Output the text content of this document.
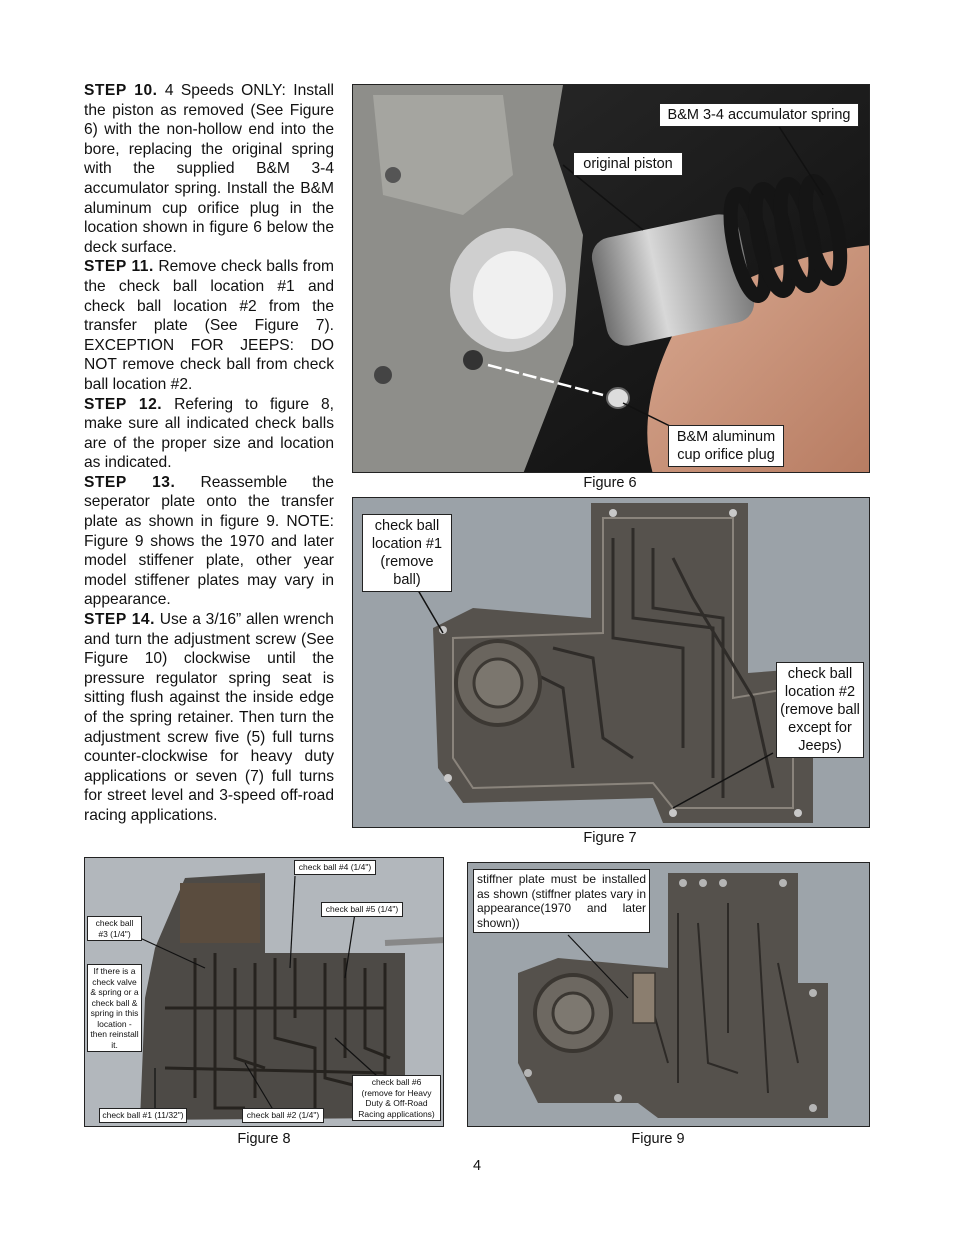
STEP 10. 4 Speeds ONLY: Install the piston as removed (See Figure 6) with the non-hollow end into the bore, replacing the original spring with the supplied B&M 3-4 accumulator spring. Install the B&M aluminum cup orifice plug in the location shown in figure 6 below the deck surface.

STEP 11. Remove check balls from the check ball location #1 and check ball location #2 from the transfer plate (See Figure 7). EXCEPTION FOR JEEPS: DO NOT remove check ball from check ball location #2.

STEP 12. Refering to figure 8, make sure all indicated check balls are of the proper size and location as indicated.

STEP 13. Reassemble the seperator plate onto the transfer plate as shown in figure 9. NOTE: Figure 9 shows the 1970 and later model stiffener plate, other year model stiffener plates may vary in appearance.

STEP 14. Use a 3/16” allen wrench and turn the adjustment screw (See Figure 10) clockwise until the pressure regulator spring seat is sitting flush against the inside edge of the spring retainer. Then turn the adjustment screw five (5) full turns counter-clockwise for heavy duty applications or seven (7) full turns for street level and 3-speed off-road racing applications.

B&M 3-4 accumulator spring
original piston
B&M aluminum cup orifice plug
Figure 6
check ball location #1 (remove ball)
check ball location #2 (remove ball except for Jeeps)
Figure 7
check ball #4 (1/4")
check ball #5 (1/4")
check ball #3 (1/4")
If there is a check valve & spring or a check ball & spring in this location - then reinstall it.
check ball #6 (remove for Heavy Duty & Off-Road Racing applications)
check ball #1 (11/32")	check ball #2 (1/4")
Figure 8
stiffner plate must be installed as shown (stiffner plates vary in appearance(1970 and later shown))
Figure 9
4
